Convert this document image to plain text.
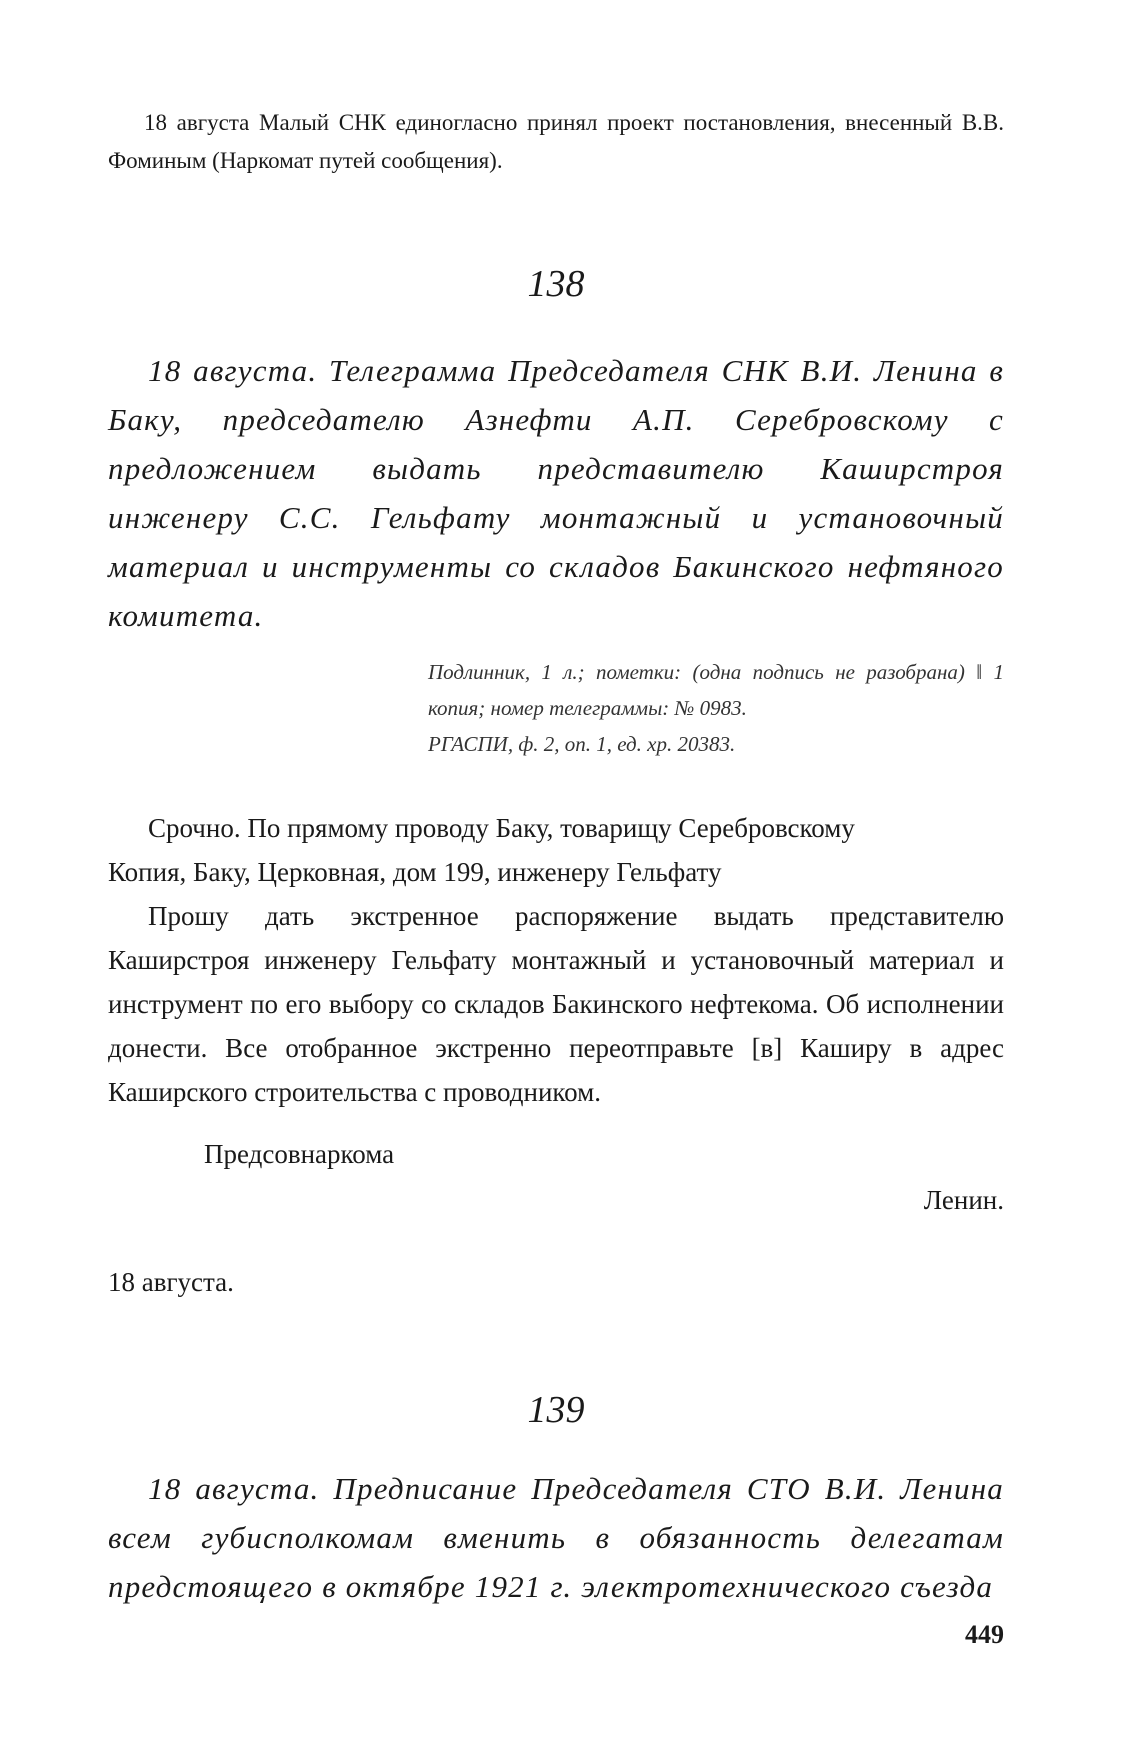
18 августа Малый СНК единогласно принял проект постановления, внесенный В.В. Фоминым (Наркомат путей сообщения).

138

18 августа. Телеграмма Председателя СНК В.И. Ленина в Баку, председателю Азнефти А.П. Серебровскому с предложением выдать представителю Каширстроя инженеру С.С. Гельфату монтажный и установочный материал и инструменты со складов Бакинского нефтяного комитета.

Подлинник, 1 л.; пометки: (одна подпись не разобрана) ‖ 1 копия; номер телеграммы: № 0983.

РГАСПИ, ф. 2, оп. 1, ед. хр. 20383.

Срочно. По прямому проводу Баку, товарищу Серебровскому

Копия, Баку, Церковная, дом 199, инженеру Гельфату

Прошу дать экстренное распоряжение выдать представителю Каширстроя инженеру Гельфату монтажный и установочный материал и инструмент по его выбору со складов Бакинского нефтекома. Об исполнении донести. Все отобранное экстренно переотправьте [в] Каширу в адрес Каширского строительства с проводником.

Предсовнаркома
Ленин.
18 августа.
139

18 августа. Предписание Председателя СТО В.И. Ленина всем губисполкомам вменить в обязанность делегатам предстоящего в октябре 1921 г. электротехнического съезда

449
